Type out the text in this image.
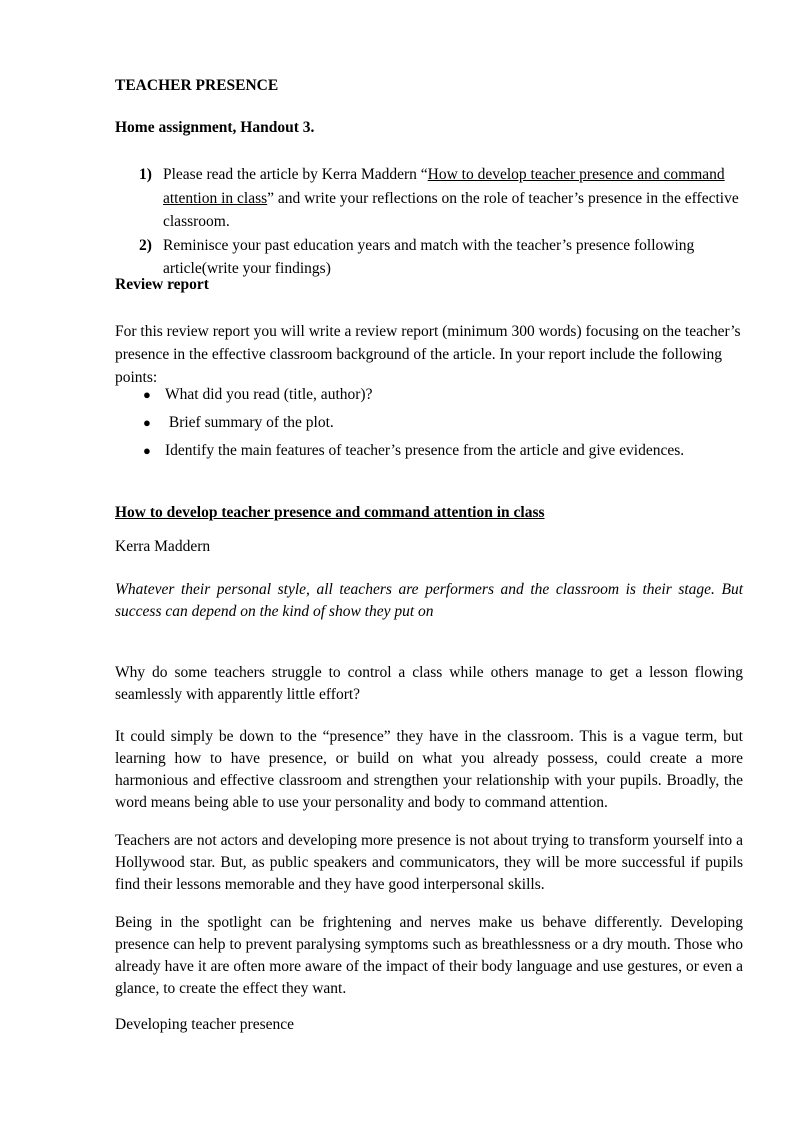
TEACHER PRESENCE
Home assignment, Handout 3.
1) Please read the article by Kerra Maddern “How to develop teacher presence and command attention in class” and write your reflections on the role of teacher’s presence in the effective classroom.
2) Reminisce your past education years and match with the teacher’s presence following article(write your findings)
Review report
For this review report you will write a review report (minimum 300 words) focusing on the teacher’s presence in the effective classroom background of the article. In your report include the following points:
● What did you read (title, author)?
● Brief summary of the plot.
● Identify the main features of teacher’s presence from the article and give evidences.
How to develop teacher presence and command attention in class
Kerra Maddern
Whatever their personal style, all teachers are performers and the classroom is their stage. But success can depend on the kind of show they put on
Why do some teachers struggle to control a class while others manage to get a lesson flowing seamlessly with apparently little effort?
It could simply be down to the “presence” they have in the classroom. This is a vague term, but learning how to have presence, or build on what you already possess, could create a more harmonious and effective classroom and strengthen your relationship with your pupils. Broadly, the word means being able to use your personality and body to command attention.
Teachers are not actors and developing more presence is not about trying to transform yourself into a Hollywood star. But, as public speakers and communicators, they will be more successful if pupils find their lessons memorable and they have good interpersonal skills.
Being in the spotlight can be frightening and nerves make us behave differently. Developing presence can help to prevent paralysing symptoms such as breathlessness or a dry mouth. Those who already have it are often more aware of the impact of their body language and use gestures, or even a glance, to create the effect they want.
Developing teacher presence
